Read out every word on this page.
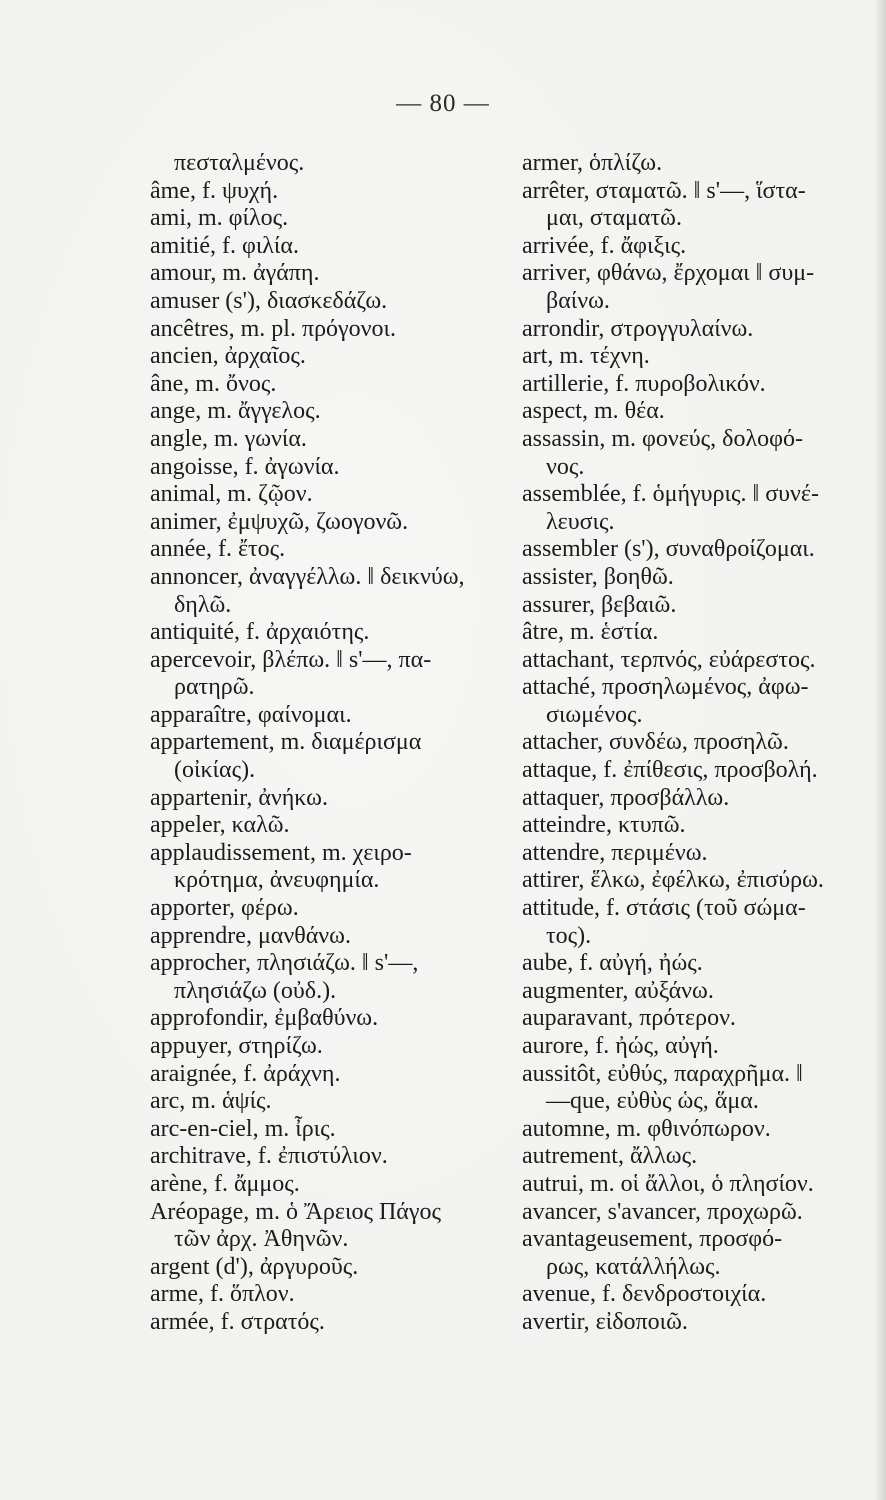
— 80 —
πεσταλμένος.
âme, f. ψυχή.
ami, m. φίλος.
amitié, f. φιλία.
amour, m. ἀγάπη.
amuser (s'), διασκεδάζω.
ancêtres, m. pl. πρόγονοι.
ancien, ἀρχαῖος.
âne, m. ὄνος.
ange, m. ἄγγελος.
angle, m. γωνία.
angoisse, f. ἀγωνία.
animal, m. ζῷον.
animer, ἐμψυχῶ, ζωογονῶ.
année, f. ἔτος.
annoncer, ἀναγγέλλω. ‖ δεικνύω,
δηλῶ.
antiquité, f. ἀρχαιότης.
apercevoir, βλέπω. ‖ s'—, πα-
ρατηρῶ.
apparaître, φαίνομαι.
appartement, m. διαμέρισμα
(οἰκίας).
appartenir, ἀνήκω.
appeler, καλῶ.
applaudissement, m. χειρο-
κρότημα, ἀνευφημία.
apporter, φέρω.
apprendre, μανθάνω.
approcher, πλησιάζω. ‖ s'—,
πλησιάζω (οὐδ.).
approfondir, ἐμβαθύνω.
appuyer, στηρίζω.
araignée, f. ἀράχνη.
arc, m. ἁψίς.
arc-en-ciel, m. ἶρις.
architrave, f. ἐπιστύλιον.
arène, f. ἄμμος.
Aréopage, m. ὁ Ἄρειος Πάγος
τῶν ἀρχ. Ἀθηνῶν.
argent (d'), ἀργυροῦς.
arme, f. ὅπλον.
armée, f. στρατός.
armer, ὁπλίζω.
arrêter, σταματῶ. ‖ s'—, ἵστα-
μαι, σταματῶ.
arrivée, f. ἄφιξις.
arriver, φθάνω, ἔρχομαι ‖ συμ-
βαίνω.
arrondir, στρογγυλαίνω.
art, m. τέχνη.
artillerie, f. πυροβολικόν.
aspect, m. θέα.
assassin, m. φονεύς, δολοφό-
νος.
assemblée, f. ὁμήγυρις. ‖ συνέ-
λευσις.
assembler (s'), συναθροίζομαι.
assister, βοηθῶ.
assurer, βεβαιῶ.
âtre, m. ἑστία.
attachant, τερπνός, εὐάρεστος.
attaché, προσηλωμένος, ἀφω-
σιωμένος.
attacher, συνδέω, προσηλῶ.
attaque, f. ἐπίθεσις, προσβολή.
attaquer, προσβάλλω.
atteindre, κτυπῶ.
attendre, περιμένω.
attirer, ἕλκω, ἐφέλκω, ἐπισύρω.
attitude, f. στάσις (τοῦ σώμα-
τος).
aube, f. αὐγή, ἠώς.
augmenter, αὐξάνω.
auparavant, πρότερον.
aurore, f. ἠώς, αὐγή.
aussitôt, εὐθύς, παραχρῆμα. ‖
—que, εὐθὺς ὡς, ἅμα.
automne, m. φθινόπωρον.
autrement, ἄλλως.
autrui, m. οἱ ἄλλοι, ὁ πλησίον.
avancer, s'avancer, προχωρῶ.
avantageusement, προσφό-
ρως, κατάλλήλως.
avenue, f. δενδροστοιχία.
avertir, εἰδοποιῶ.
